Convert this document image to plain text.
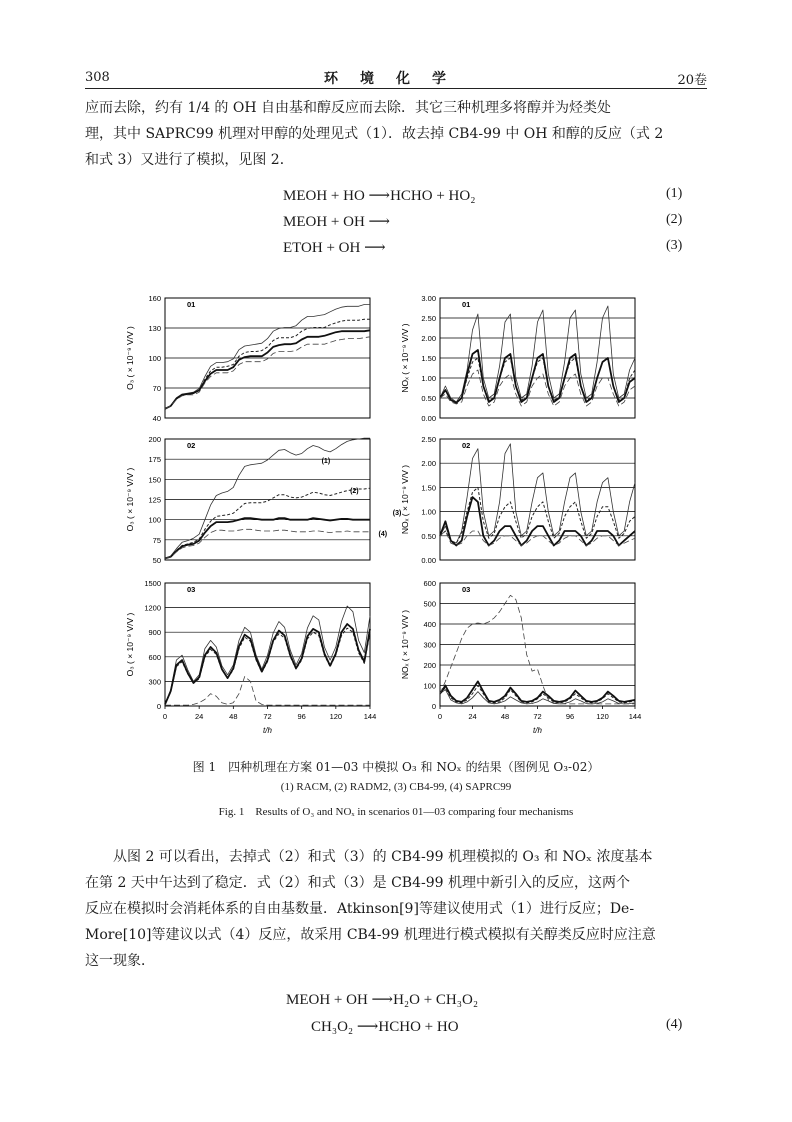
308	环境化学	20卷
应而去除，约有 1/4 的 OH 自由基和醇反应而去除．其它三种机理多将醇并为烃类处
理，其中 SAPRC99 机理对甲醇的处理见式（1）．故去掉 CB4-99 中 OH 和醇的反应（式 2
和式 3）又进行了模拟，见图 2．
MEOH + HO ⟶HCHO + HO₂	(1)
MEOH + OH ⟶	(2)
ETOH + OH ⟶	(3)
160
130
100
70
40
01
O₃ ( × 10⁻⁹ V/V )
200
175
150
125
100
75
50
02
O₃ ( × 10⁻⁹ V/V )
(1)
(2)
(3)
(4)
1500
1200
900
600
300
0
03
O₃ ( × 10⁻⁹ V/V )
0	24	48	72	96	120	144
t/h
3.00
2.50
2.00
1.50
1.00
0.50
0.00
01
NOₓ ( × 10⁻⁹ V/V )
2.50
2.00
1.50
1.00
0.50
0.00
02
NOₓ ( × 10⁻⁹ V/V )
600
500
400
300
200
100
0
03
NOₓ ( × 10⁻⁹ V/V )
0	24	48	72	96	120	144
t/h
图 1　四种机理在方案 01—03 中模拟 O₃ 和 NOₓ 的结果（图例见 O₃-02）
(1) RACM, (2) RADM2, (3) CB4-99, (4) SAPRC99
Fig. 1　Results of O₃ and NOₓ in scenarios 01—03 comparing four mechanisms
从图 2 可以看出，去掉式（2）和式（3）的 CB4-99 机理模拟的 O₃ 和 NOₓ 浓度基本
在第 2 天中午达到了稳定．式（2）和式（3）是 CB4-99 机理中新引入的反应，这两个
反应在模拟时会消耗体系的自由基数量．Atkinson[9]等建议使用式（1）进行反应；De-
More[10]等建议以式（4）反应，故采用 CB4-99 机理进行模式模拟有关醇类反应时应注意
这一现象．
MEOH + OH ⟶H₂O + CH₃O₂
CH₃O₂ ⟶HCHO + HO	(4)
